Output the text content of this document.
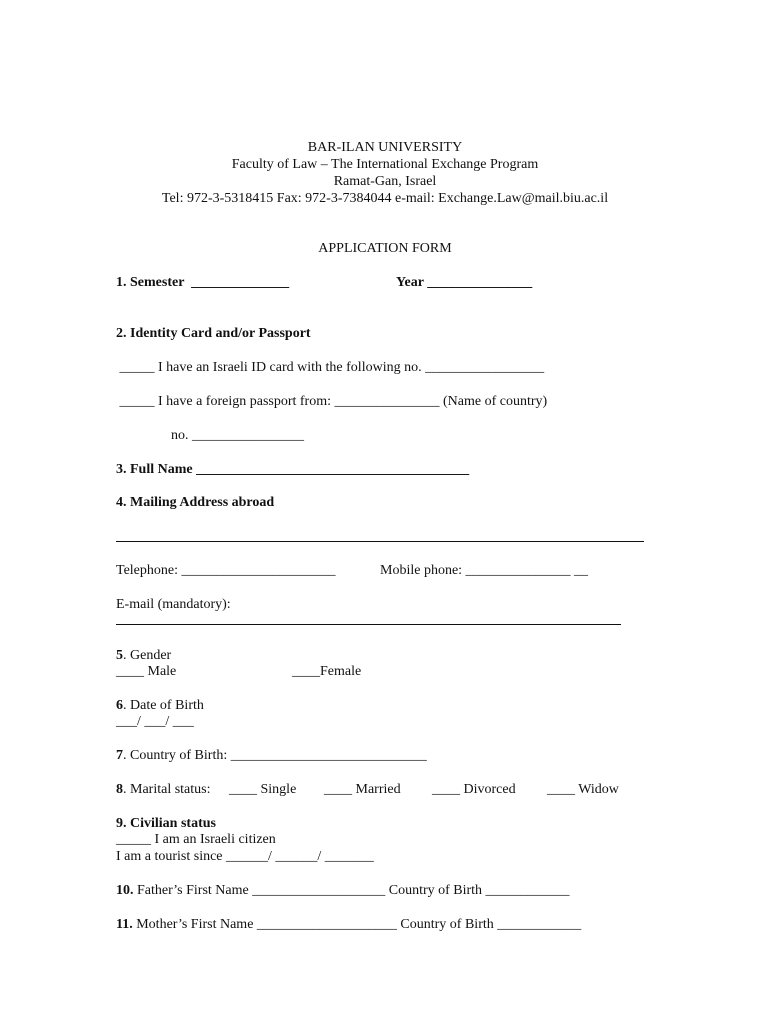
BAR-ILAN UNIVERSITY
Faculty of Law – The International Exchange Program
Ramat-Gan, Israel
Tel: 972-3-5318415 Fax: 972-3-7384044 e-mail: Exchange.Law@mail.biu.ac.il
APPLICATION FORM
1. Semester  ______________	Year _______________
2. Identity Card and/or Passport
_____ I have an Israeli ID card with the following no. _________________
_____ I have a foreign passport from: _______________ (Name of country)
no. ________________
3. Full Name _______________________________________
4. Mailing Address abroad
Telephone: ______________________	Mobile phone: _______________ __
E-mail (mandatory):
5. Gender
____ Male	____Female
6. Date of Birth
___/ ___/ ___
7. Country of Birth: ____________________________
8. Marital status: ____ Single ____ Married ____ Divorced ____ Widow
9. Civilian status
_____ I am an Israeli citizen
I am a tourist since ______/ ______/ _______
10. Father’s First Name ___________________ Country of Birth ____________
11. Mother’s First Name ____________________ Country of Birth ____________
